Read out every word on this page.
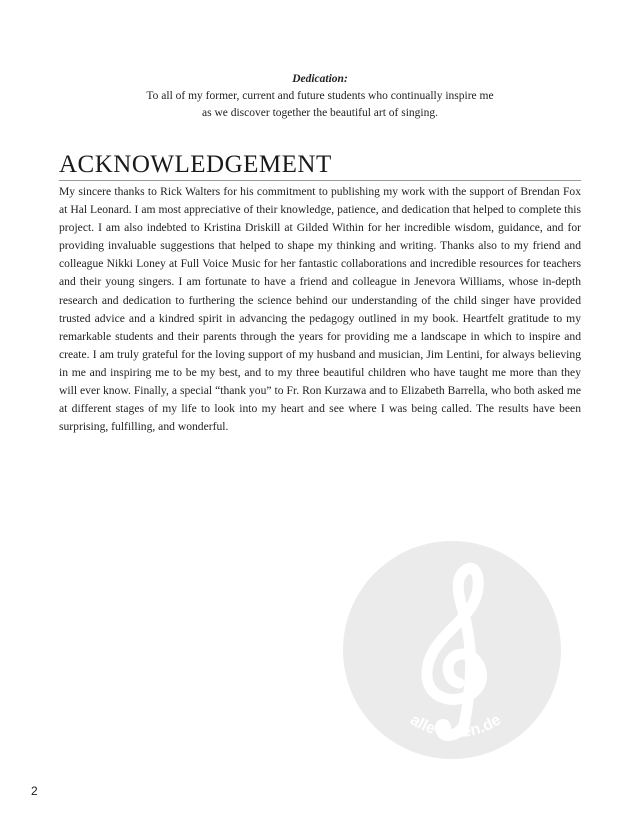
Dedication:
To all of my former, current and future students who continually inspire me
as we discover together the beautiful art of singing.
ACKNOWLEDGEMENT

My sincere thanks to Rick Walters for his commitment to publishing my work with the support of Brendan Fox at Hal Leonard. I am most appreciative of their knowledge, patience, and dedication that helped to complete this project. I am also indebted to Kristina Driskill at Gilded Within for her incredible wisdom, guidance, and for providing invaluable suggestions that helped to shape my thinking and writing. Thanks also to my friend and colleague Nikki Loney at Full Voice Music for her fantastic collaborations and incredible resources for teachers and their young singers. I am fortunate to have a friend and colleague in Jenevora Williams, whose in-depth research and dedication to furthering the science behind our understanding of the child singer have provided trusted advice and a kindred spirit in advancing the pedagogy outlined in my book. Heartfelt gratitude to my remarkable students and their parents through the years for providing me a landscape in which to inspire and create. I am truly grateful for the loving support of my husband and musician, Jim Lentini, for always believing in me and inspiring me to be my best, and to my three beautiful children who have taught me more than they will ever know. Finally, a special “thank you” to Fr. Ron Kurzawa and to Elizabeth Barrella, who both asked me at different stages of my life to look into my heart and see where I was being called. The results have been surprising, fulfilling, and wonderful.

alle-noten.de
2
